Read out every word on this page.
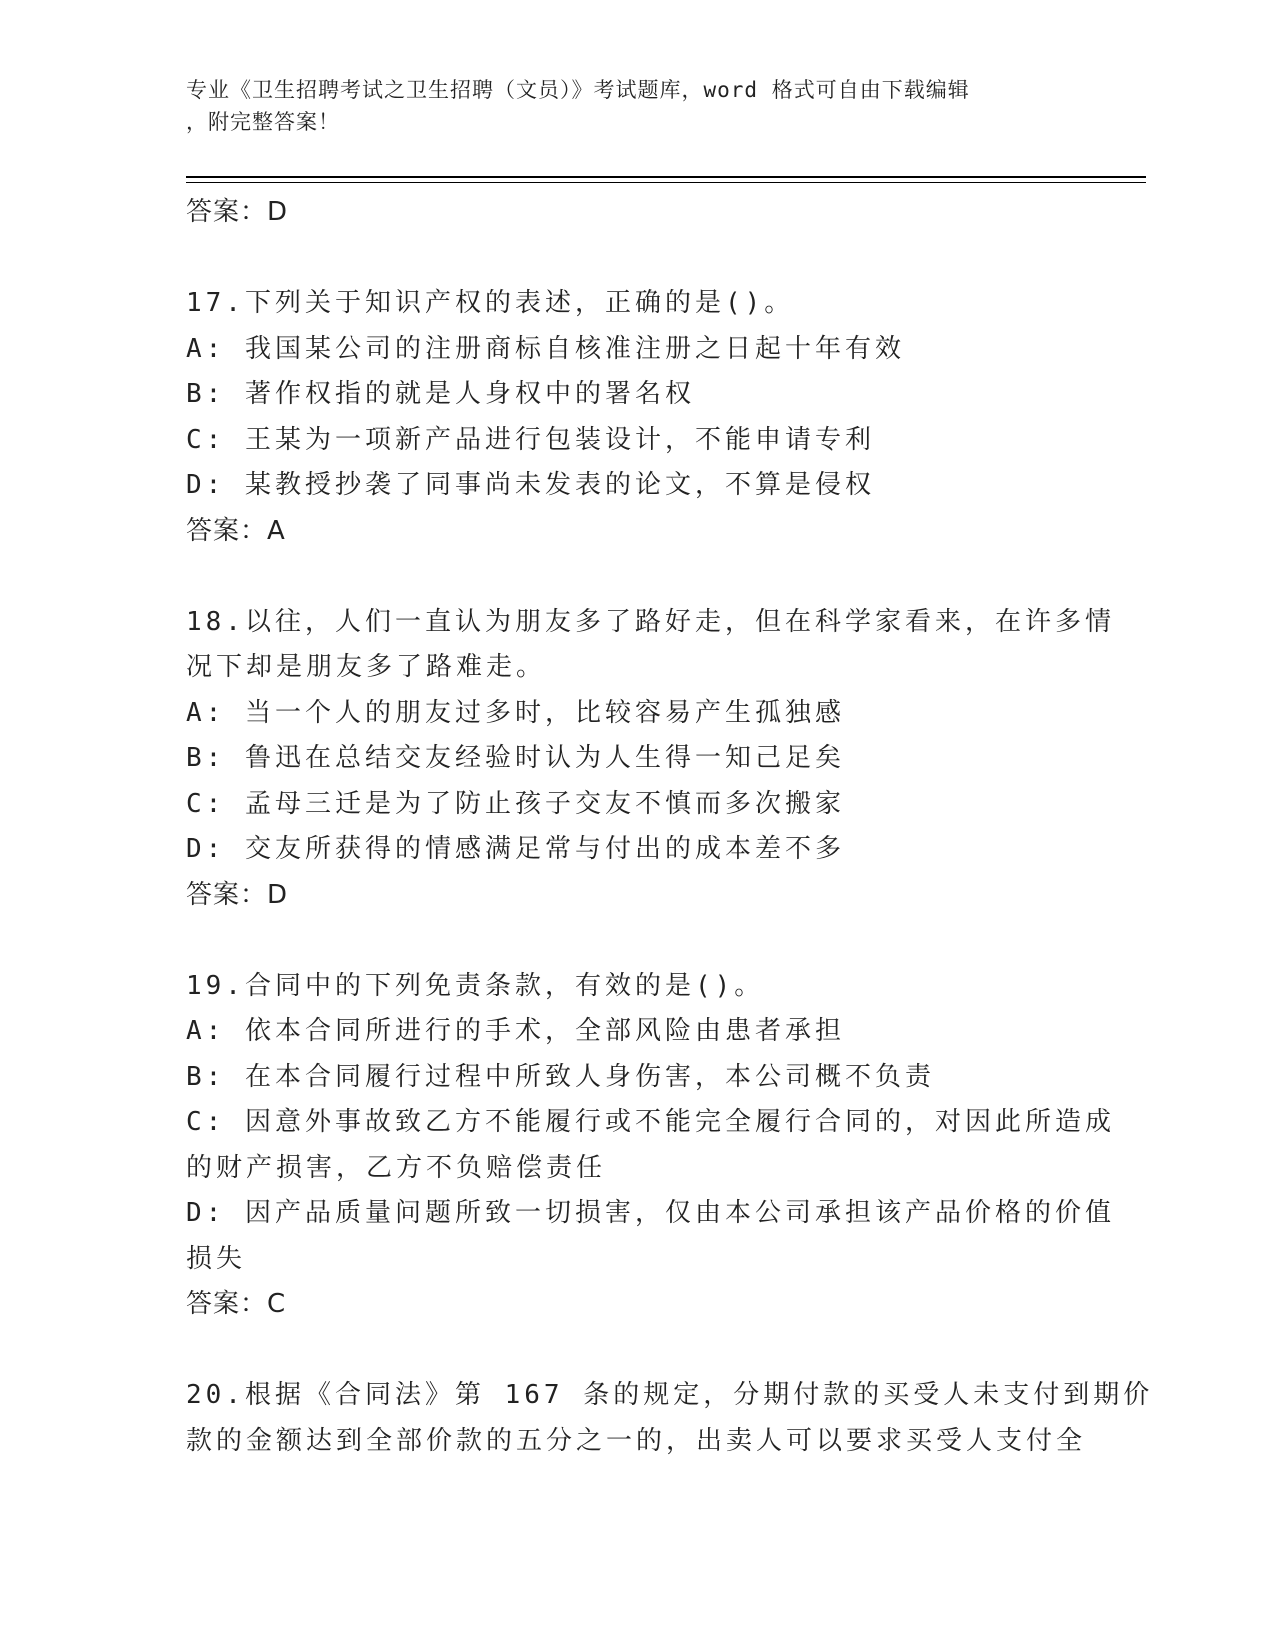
专业《卫生招聘考试之卫生招聘（文员）》考试题库，word 格式可自由下载编辑
，附完整答案！
答案：D
17.下列关于知识产权的表述，正确的是()。
A: 我国某公司的注册商标自核准注册之日起十年有效
B: 著作权指的就是人身权中的署名权
C: 王某为一项新产品进行包装设计，不能申请专利
D: 某教授抄袭了同事尚未发表的论文，不算是侵权
答案：A
18.以往，人们一直认为朋友多了路好走，但在科学家看来，在许多情
况下却是朋友多了路难走。
A: 当一个人的朋友过多时，比较容易产生孤独感
B: 鲁迅在总结交友经验时认为人生得一知己足矣
C: 孟母三迁是为了防止孩子交友不慎而多次搬家
D: 交友所获得的情感满足常与付出的成本差不多
答案：D
19.合同中的下列免责条款，有效的是()。
A: 依本合同所进行的手术，全部风险由患者承担
B: 在本合同履行过程中所致人身伤害，本公司概不负责
C: 因意外事故致乙方不能履行或不能完全履行合同的，对因此所造成
的财产损害，乙方不负赔偿责任
D: 因产品质量问题所致一切损害，仅由本公司承担该产品价格的价值
损失
答案：C
20.根据《合同法》第 167 条的规定，分期付款的买受人未支付到期价
款的金额达到全部价款的五分之一的，出卖人可以要求买受人支付全
